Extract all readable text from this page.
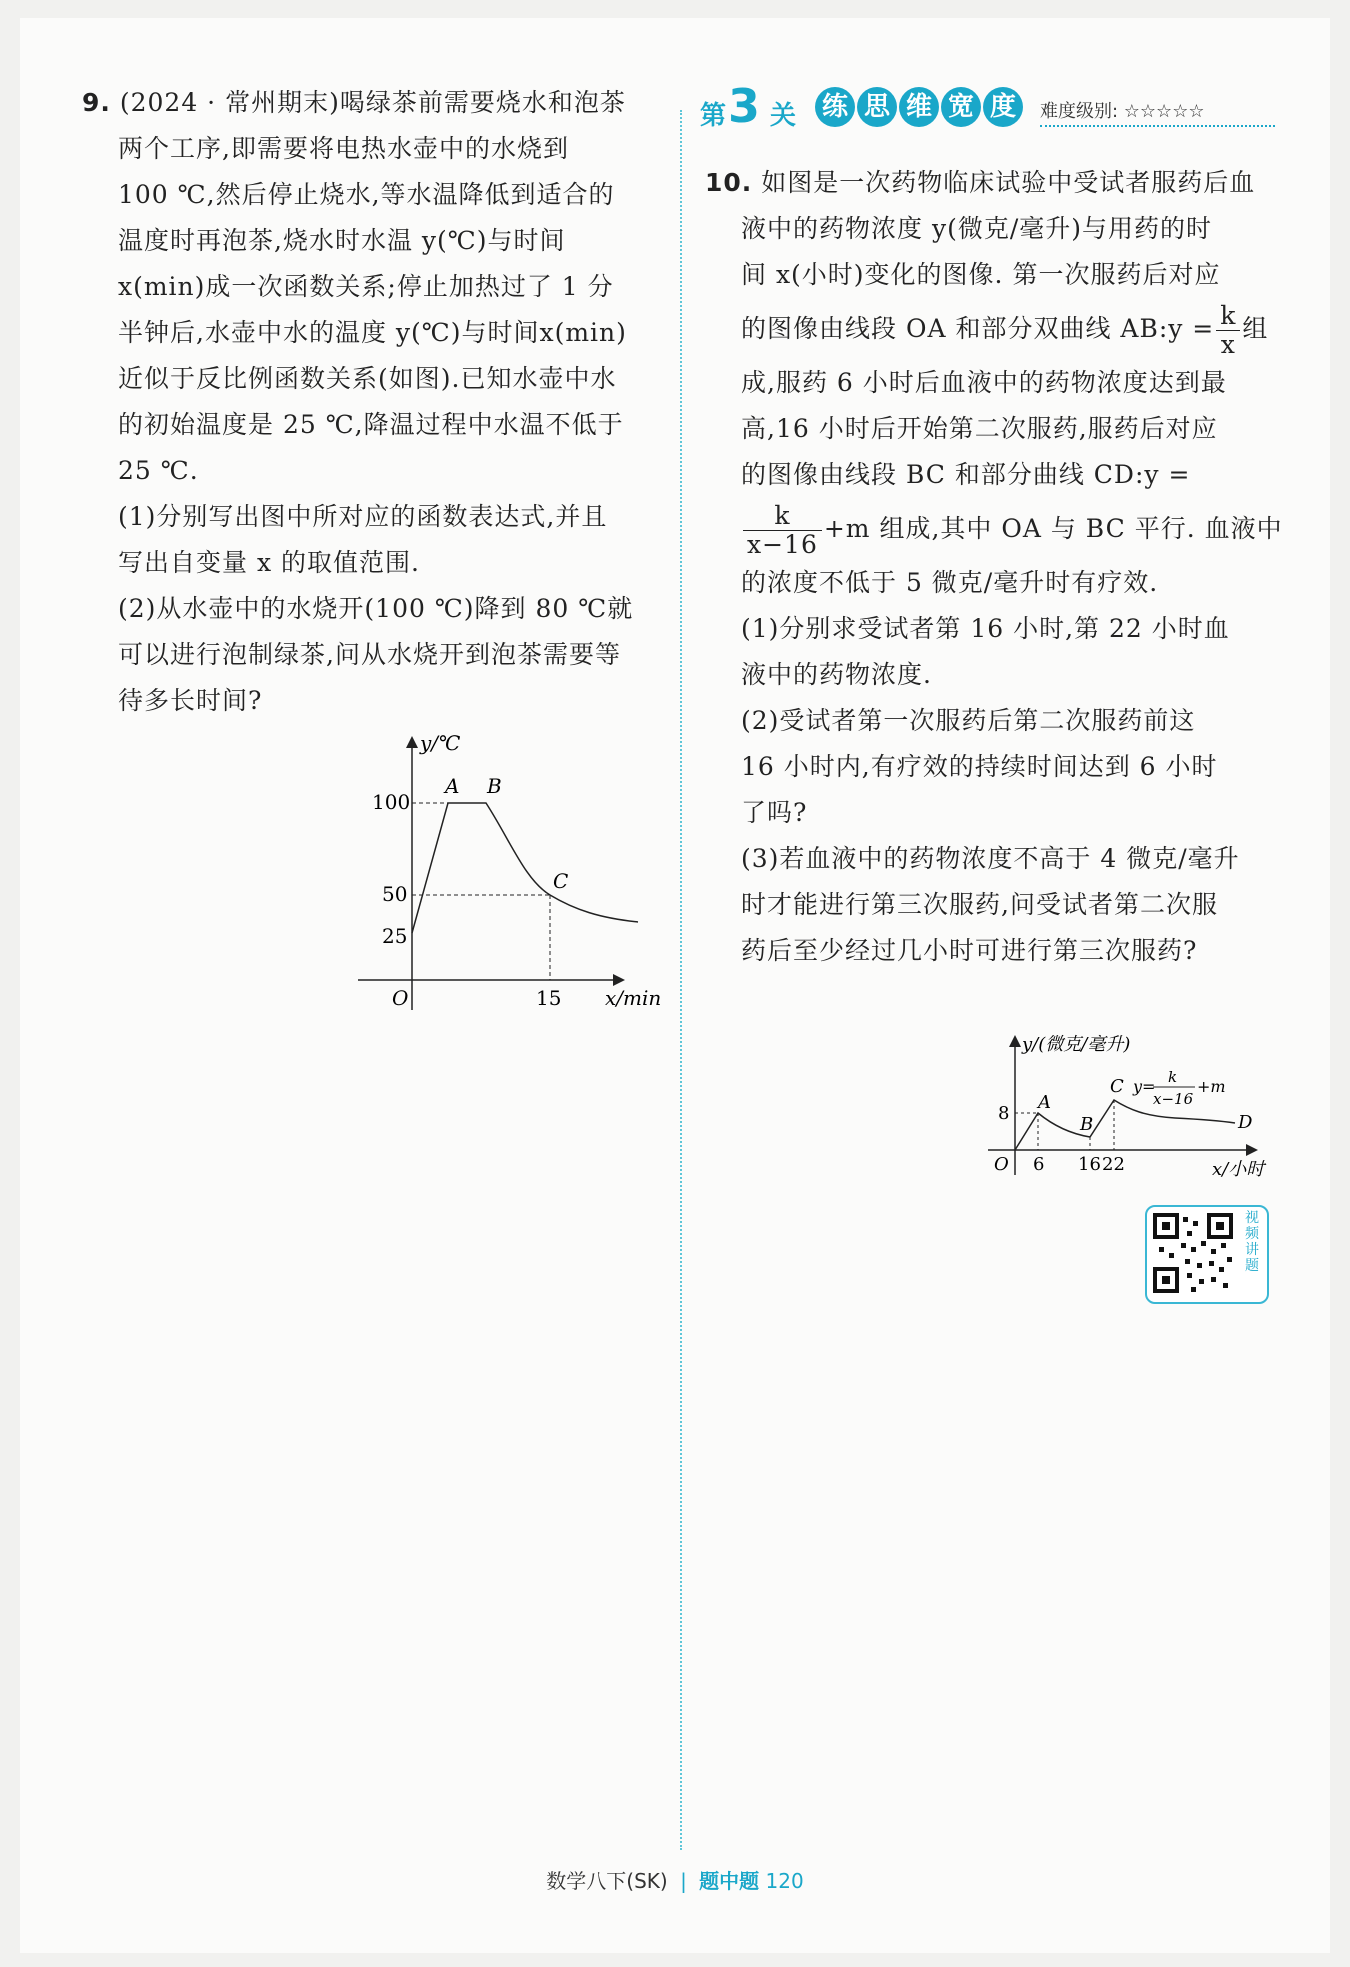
9. (2024 · 常州期末)喝绿茶前需要烧水和泡茶
两个工序,即需要将电热水壶中的水烧到
100 ℃,然后停止烧水,等水温降低到适合的
温度时再泡茶,烧水时水温 y(℃)与时间
x(min)成一次函数关系;停止加热过了 1 分
半钟后,水壶中水的温度 y(℃)与时间x(min)
近似于反比例函数关系(如图).已知水壶中水
的初始温度是 25 ℃,降温过程中水温不低于
25 ℃.
(1)分别写出图中所对应的函数表达式,并且
写出自变量 x 的取值范围.
(2)从水壶中的水烧开(100 ℃)降到 80 ℃就
可以进行泡制绿茶,问从水烧开到泡茶需要等
待多长时间?
y/℃
x/min
O
100
50
25
15
A B
C
第 3 关 练 思 维 宽 度	难度级别: ☆☆☆☆☆
10. 如图是一次药物临床试验中受试者服药后血
液中的药物浓度 y(微克/毫升)与用药的时
间 x(小时)变化的图像. 第一次服药后对应
的图像由线段 OA 和部分双曲线 AB:y = $\frac{k}{x}$ 组
成,服药 6 小时后血液中的药物浓度达到最
高,16 小时后开始第二次服药,服药后对应
的图像由线段 BC 和部分曲线 CD:y =
$\frac{k}{x-16} +m$ 组成,其中 OA 与 BC 平行. 血液中
的浓度不低于 5 微克/毫升时有疗效.
(1)分别求受试者第 16 小时,第 22 小时血
液中的药物浓度.
(2)受试者第一次服药后第二次服药前这
16 小时内,有疗效的持续时间达到 6 小时
了吗?
(3)若血液中的药物浓度不高于 4 微克/毫升
时才能进行第三次服药,问受试者第二次服
药后至少经过几小时可进行第三次服药?
y/(微克/毫升)
x/小时
O
8
6 16 22
A
B
C
D
y= k
x−16
+m
视频讲题
数学八下(SK) | 题中题 120
